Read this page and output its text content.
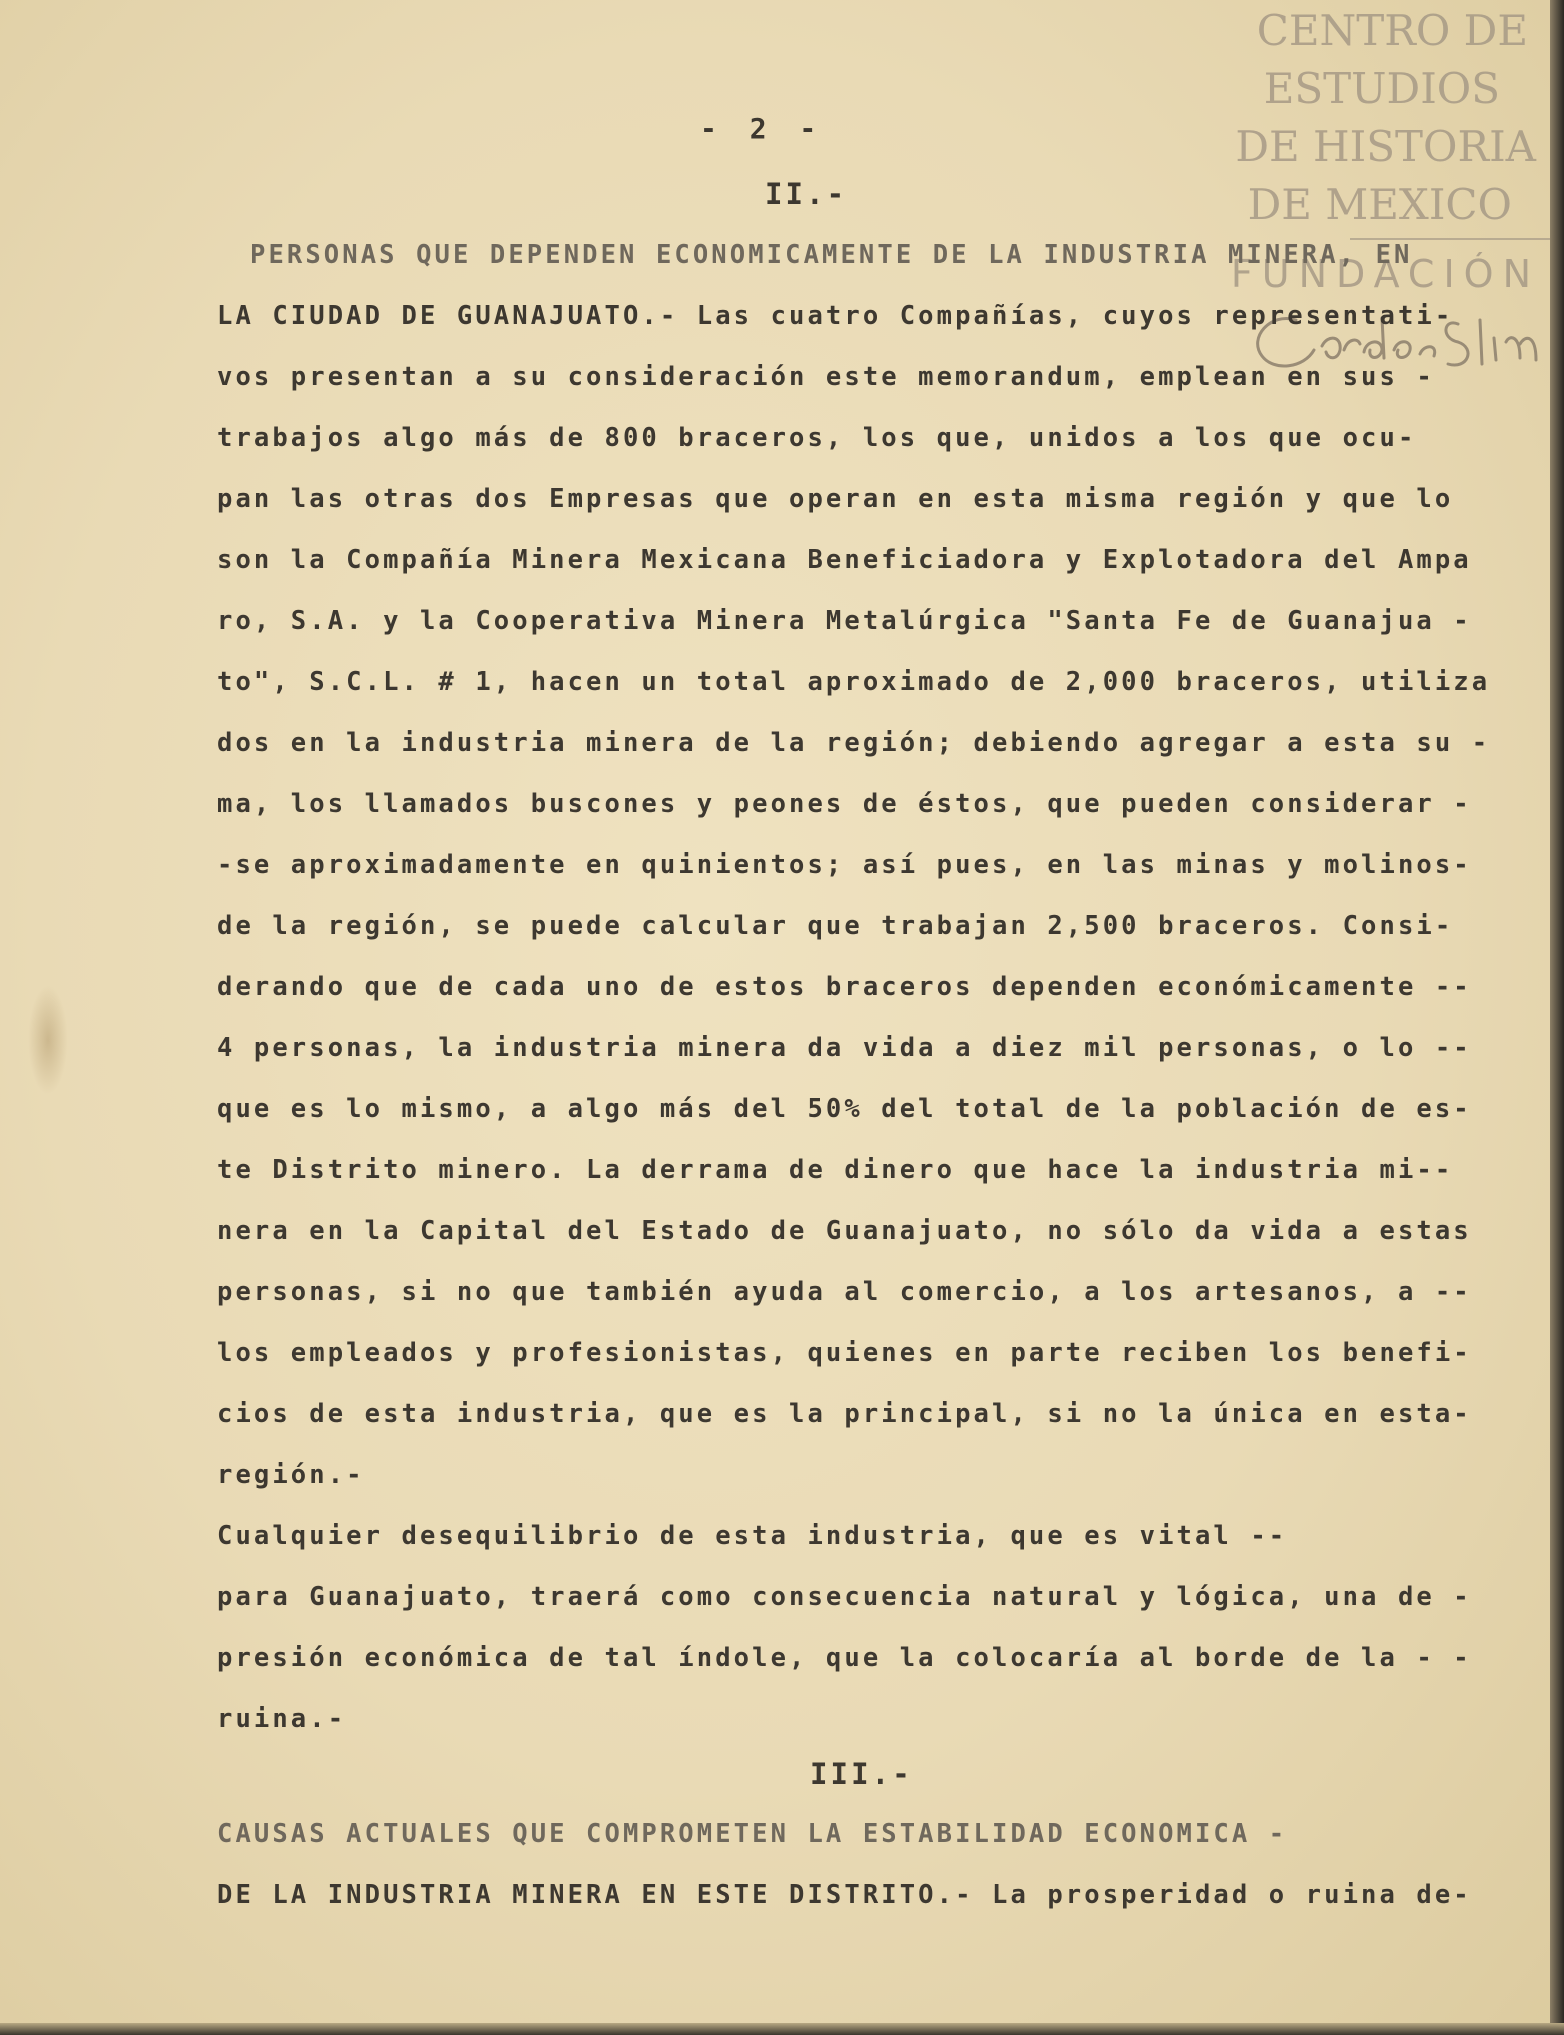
CENTRO DE
ESTUDIOS
DE HISTORIA
DE MEXICO
FUNDACIÓN
- 2 -
II.-
PERSONAS QUE DEPENDEN ECONOMICAMENTE DE LA INDUSTRIA MINERA, EN
LA CIUDAD DE GUANAJUATO.- Las cuatro Compañías, cuyos representati-
vos presentan a su consideración este memorandum, emplean en sus -
trabajos algo más de 800 braceros, los que, unidos a los que ocu-
pan las otras dos Empresas que operan en esta misma región y que lo
son la Compañía Minera Mexicana Beneficiadora y Explotadora del Ampa
ro, S.A. y la Cooperativa Minera Metalúrgica "Santa Fe de Guanajua -
to", S.C.L. # 1, hacen un total aproximado de 2,000 braceros, utiliza
dos en la industria minera de la región; debiendo agregar a esta su -
ma, los llamados buscones y peones de éstos, que pueden considerar -
-se aproximadamente en quinientos; así pues, en las minas y molinos-
de la región, se puede calcular que trabajan 2,500 braceros. Consi-
derando que de cada uno de estos braceros dependen económicamente --
4 personas, la industria minera da vida a diez mil personas, o lo --
que es lo mismo, a algo más del 50% del total de la población de es-
te Distrito minero. La derrama de dinero que hace la industria mi--
nera en la Capital del Estado de Guanajuato, no sólo da vida a estas
personas, si no que también ayuda al comercio, a los artesanos, a --
los empleados y profesionistas, quienes en parte reciben los benefi-
cios de esta industria, que es la principal, si no la única en esta-
región.-
Cualquier desequilibrio de esta industria, que es vital --
para Guanajuato, traerá como consecuencia natural y lógica, una de -
presión económica de tal índole, que la colocaría al borde de la - -
ruina.-
III.-
CAUSAS ACTUALES QUE COMPROMETEN LA ESTABILIDAD ECONOMICA -
DE LA INDUSTRIA MINERA EN ESTE DISTRITO.- La prosperidad o ruina de-
